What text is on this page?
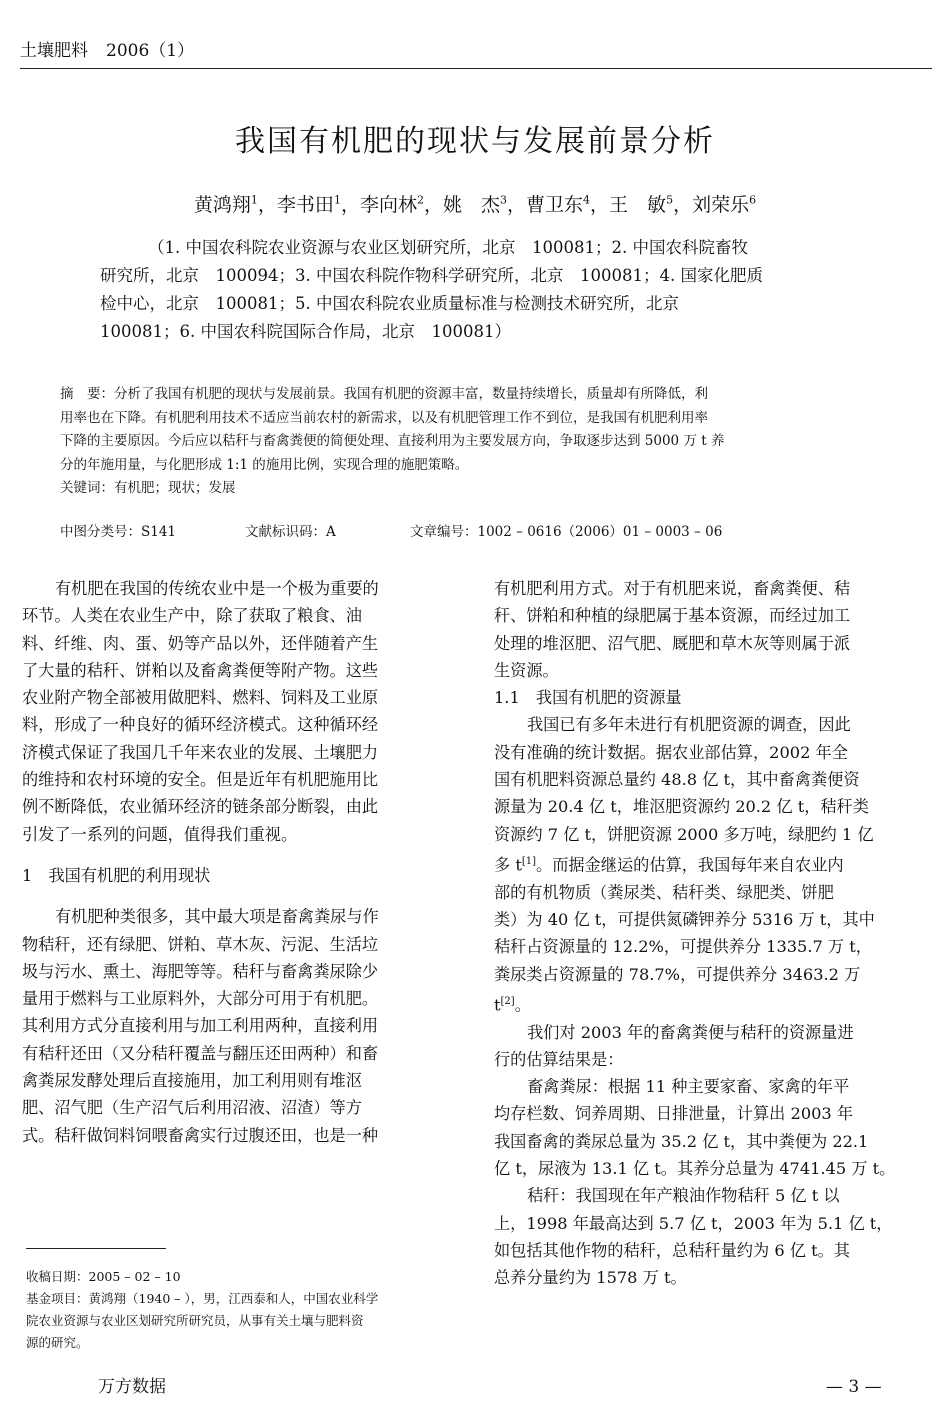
土壤肥料 2006（1）
我国有机肥的现状与发展前景分析
黄鸿翔$^1$，李书田$^1$，李向林$^2$，姚　杰$^3$，曹卫东$^4$，王　敏$^5$，刘荣乐$^6$

（1. 中国农科院农业资源与农业区划研究所，北京　100081；2. 中国农科院畜牧

研究所，北京　100094；3. 中国农科院作物科学研究所，北京　100081；4. 国家化肥质

检中心，北京　100081；5. 中国农科院农业质量标准与检测技术研究所，北京

100081；6. 中国农科院国际合作局，北京　100081）

摘　要：分析了我国有机肥的现状与发展前景。我国有机肥的资源丰富，数量持续增长，质量却有所降低，利

用率也在下降。有机肥利用技术不适应当前农村的新需求，以及有机肥管理工作不到位，是我国有机肥利用率

下降的主要原因。今后应以秸秆与畜禽粪便的简便处理、直接利用为主要发展方向，争取逐步达到 5000 万 t 养

分的年施用量，与化肥形成 1:1 的施用比例，实现合理的施肥策略。

关键词：有机肥；现状；发展

中图分类号：S141	文献标识码：A	文章编号：1002 – 0616（2006）01 – 0003 – 06

有机肥在我国的传统农业中是一个极为重要的

环节。人类在农业生产中，除了获取了粮食、油

料、纤维、肉、蛋、奶等产品以外，还伴随着产生

了大量的秸秆、饼粕以及畜禽粪便等附产物。这些

农业附产物全部被用做肥料、燃料、饲料及工业原

料，形成了一种良好的循环经济模式。这种循环经

济模式保证了我国几千年来农业的发展、土壤肥力

的维持和农村环境的安全。但是近年有机肥施用比

例不断降低，农业循环经济的链条部分断裂，由此

引发了一系列的问题，值得我们重视。

1　我国有机肥的利用现状

有机肥种类很多，其中最大项是畜禽粪尿与作

物秸秆，还有绿肥、饼粕、草木灰、污泥、生活垃

圾与污水、熏土、海肥等等。秸秆与畜禽粪尿除少

量用于燃料与工业原料外，大部分可用于有机肥。

其利用方式分直接利用与加工利用两种，直接利用

有秸秆还田（又分秸秆覆盖与翻压还田两种）和畜

禽粪尿发酵处理后直接施用，加工利用则有堆沤

肥、沼气肥（生产沼气后利用沼液、沼渣）等方

式。秸秆做饲料饲喂畜禽实行过腹还田，也是一种

有机肥利用方式。对于有机肥来说，畜禽粪便、秸

秆、饼粕和种植的绿肥属于基本资源，而经过加工

处理的堆沤肥、沼气肥、厩肥和草木灰等则属于派

生资源。

1.1　我国有机肥的资源量

我国已有多年未进行有机肥资源的调查，因此

没有准确的统计数据。据农业部估算，2002 年全

国有机肥料资源总量约 48.8 亿 t，其中畜禽粪便资

源量为 20.4 亿 t，堆沤肥资源约 20.2 亿 t，秸秆类

资源约 7 亿 t，饼肥资源 2000 多万吨，绿肥约 1 亿

多 t[1]。而据金继运的估算，我国每年来自农业内

部的有机物质（粪尿类、秸秆类、绿肥类、饼肥

类）为 40 亿 t，可提供氮磷钾养分 5316 万 t，其中

秸秆占资源量的 12.2%，可提供养分 1335.7 万 t，

粪尿类占资源量的 78.7%，可提供养分 3463.2 万

t[2]。

我们对 2003 年的畜禽粪便与秸秆的资源量进

行的估算结果是：

畜禽粪尿：根据 11 种主要家畜、家禽的年平

均存栏数、饲养周期、日排泄量，计算出 2003 年

我国畜禽的粪尿总量为 35.2 亿 t，其中粪便为 22.1

亿 t，尿液为 13.1 亿 t。其养分总量为 4741.45 万 t。

秸秆：我国现在年产粮油作物秸秆 5 亿 t 以

上，1998 年最高达到 5.7 亿 t，2003 年为 5.1 亿 t，

如包括其他作物的秸秆，总秸秆量约为 6 亿 t。其

总养分量约为 1578 万 t。

收稿日期：2005 – 02 – 10

基金项目：黄鸿翔（1940 – ），男，江西泰和人，中国农业科学

院农业资源与农业区划研究所研究员，从事有关土壤与肥料资

源的研究。

万方数据	— 3 —
